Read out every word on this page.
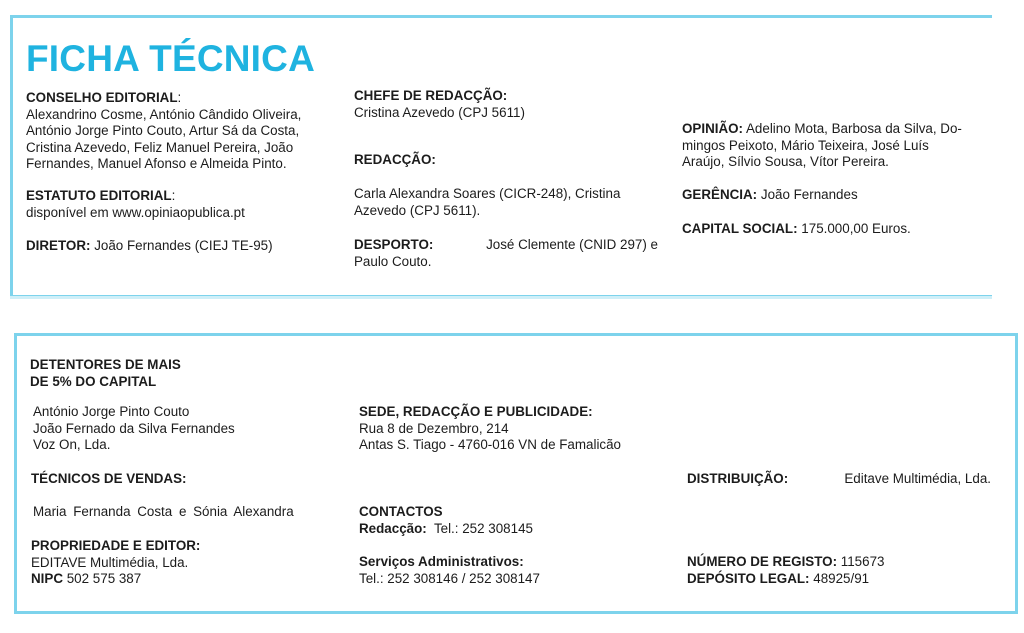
FICHA TÉCNICA

CONSELHO EDITORIAL:

Alexandrino Cosme, António Cândido Oliveira,

António Jorge Pinto Couto, Artur Sá da Costa,

Cristina Azevedo, Feliz Manuel Pereira, João

Fernandes, Manuel Afonso e Almeida Pinto.

ESTATUTO EDITORIAL:

disponível em www.opiniaopublica.pt

DIRETOR: João Fernandes (CIEJ TE-95)

CHEFE DE REDACÇÃO:

Cristina Azevedo (CPJ 5611)

REDACÇÃO:

Carla Alexandra Soares (CICR-248), Cristina

Azevedo (CPJ 5611).

DESPORTO:	José Clemente (CNID 297) e

Paulo Couto.

OPINIÃO: Adelino Mota, Barbosa da Silva, Do-

mingos Peixoto, Mário Teixeira, José Luís

Araújo, Sílvio Sousa, Vítor Pereira.

GERÊNCIA: João Fernandes

CAPITAL SOCIAL: 175.000,00 Euros.

DETENTORES DE MAIS

DE 5% DO CAPITAL

António Jorge Pinto Couto

João Fernado da Silva Fernandes

Voz On, Lda.

TÉCNICOS DE VENDAS:

Maria Fernanda Costa e Sónia Alexandra

PROPRIEDADE E EDITOR:

EDITAVE Multimédia, Lda.

NIPC 502 575 387

SEDE, REDACÇÃO E PUBLICIDADE:

Rua 8 de Dezembro, 214

Antas S. Tiago - 4760-016 VN de Famalicão

CONTACTOS

Redacção: Tel.: 252 308145

Serviços Administrativos:

Tel.: 252 308146 / 252 308147

DISTRIBUIÇÃO:	Editave Multimédia, Lda.

NÚMERO DE REGISTO: 115673

DEPÓSITO LEGAL: 48925/91
